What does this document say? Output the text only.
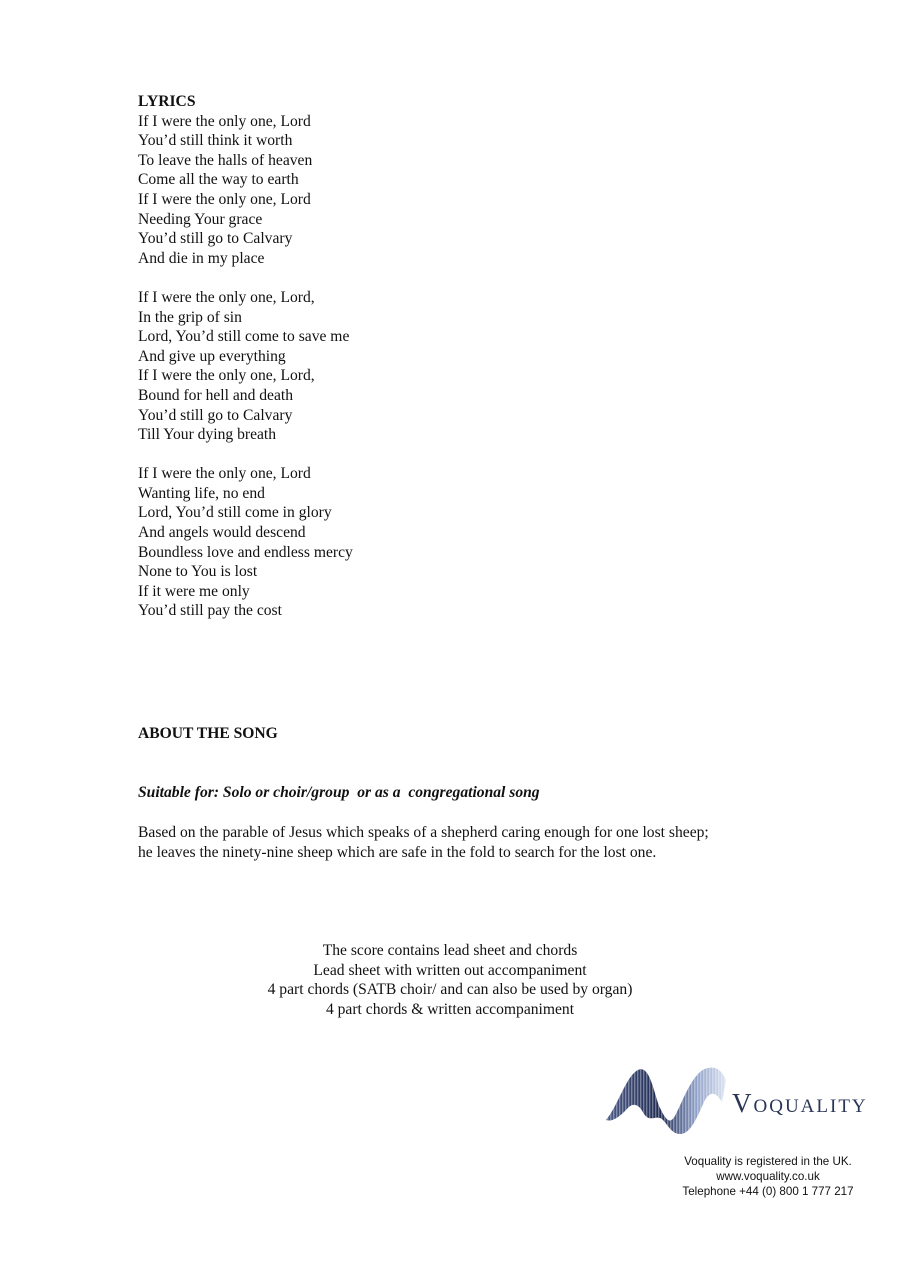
LYRICS
If I were the only one, Lord
You’d still think it worth
To leave the halls of heaven
Come all the way to earth
If I were the only one, Lord
Needing Your grace
You’d still go to Calvary
And die in my place
If I were the only one, Lord,
In the grip of sin
Lord, You’d still come to save me
And give up everything
If I were the only one, Lord,
Bound for hell and death
You’d still go to Calvary
Till Your dying breath
If I were the only one, Lord
Wanting life, no end
Lord, You’d still come in glory
And angels would descend
Boundless love and endless mercy
None to You is lost
If it were me only
You’d still pay the cost
ABOUT THE SONG
Suitable for: Solo or choir/group  or as a  congregational song
Based on the parable of Jesus which speaks of a shepherd caring enough for one lost sheep;
he leaves the ninety-nine sheep which are safe in the fold to search for the lost one.
The score contains lead sheet and chords
Lead sheet with written out accompaniment
4 part chords (SATB choir/ and can also be used by organ)
4 part chords & written accompaniment
VOQUALITY
Voquality is registered in the UK.
www.voquality.co.uk
Telephone +44 (0) 800 1 777 217
